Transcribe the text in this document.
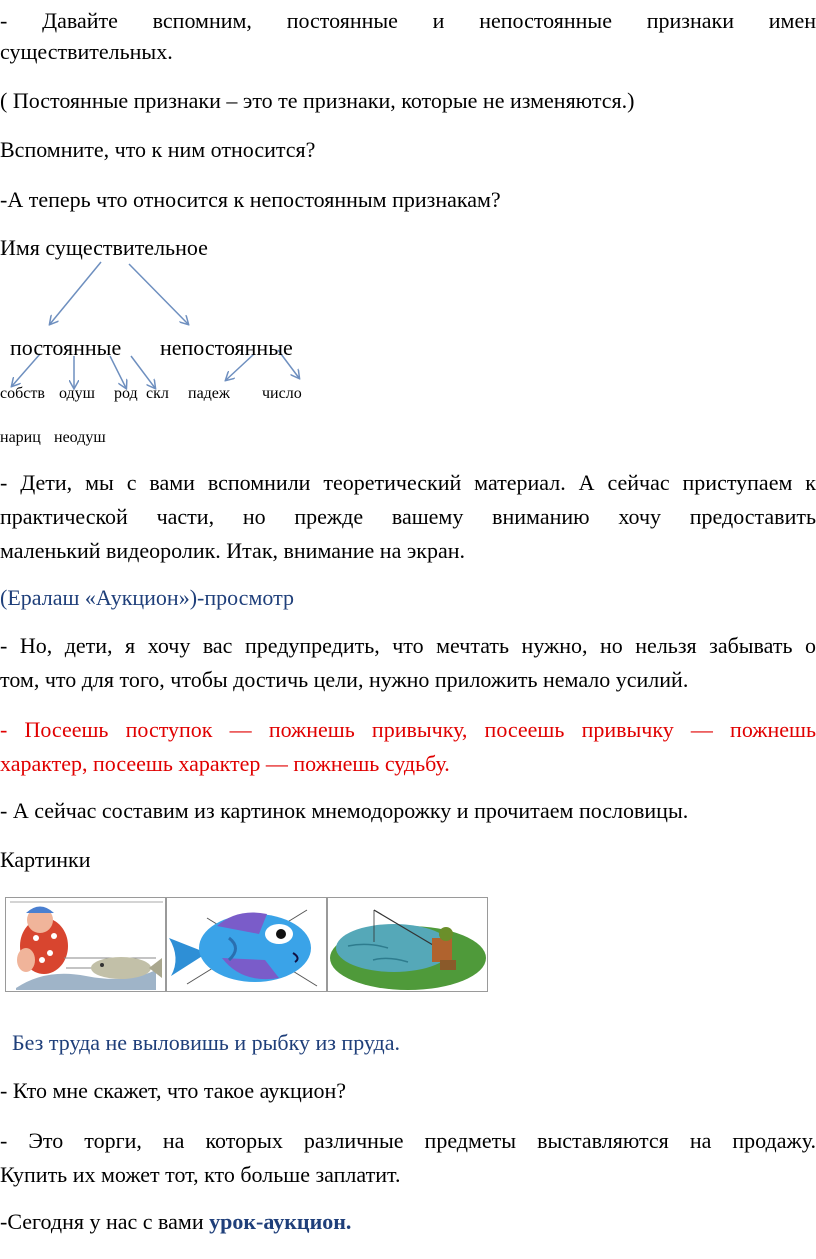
- Давайте вспомним, постоянные и непостоянные признаки имен
существительных.
( Постоянные признаки – это те признаки, которые не изменяются.)
Вспомните, что к ним относится?
-А теперь что относится к непостоянным признакам?
Имя существительное
постоянные непостоянные
собств одуш род скл падеж число
нариц неодуш
- Дети, мы с вами вспомнили теоретический материал. А сейчас приступаем к
практической части, но прежде вашему вниманию хочу предоставить
маленький видеоролик. Итак, внимание на экран.
(Ералаш «Аукцион»)-просмотр
- Но, дети, я хочу вас предупредить, что мечтать нужно, но нельзя забывать о
том, что для того, чтобы достичь цели, нужно приложить немало усилий.
- Посеешь поступок — пожнешь привычку, посеешь привычку — пожнешь
характер, посеешь характер — пожнешь судьбу.
- А сейчас составим из картинок мнемодорожку и прочитаем пословицы.
Картинки
Без труда не выловишь и рыбку из пруда.
- Кто мне скажет, что такое аукцион?
- Это торги, на которых различные предметы выставляются на продажу.
Купить их может тот, кто больше заплатит.
-Сегодня у нас с вами урок-аукцион.
